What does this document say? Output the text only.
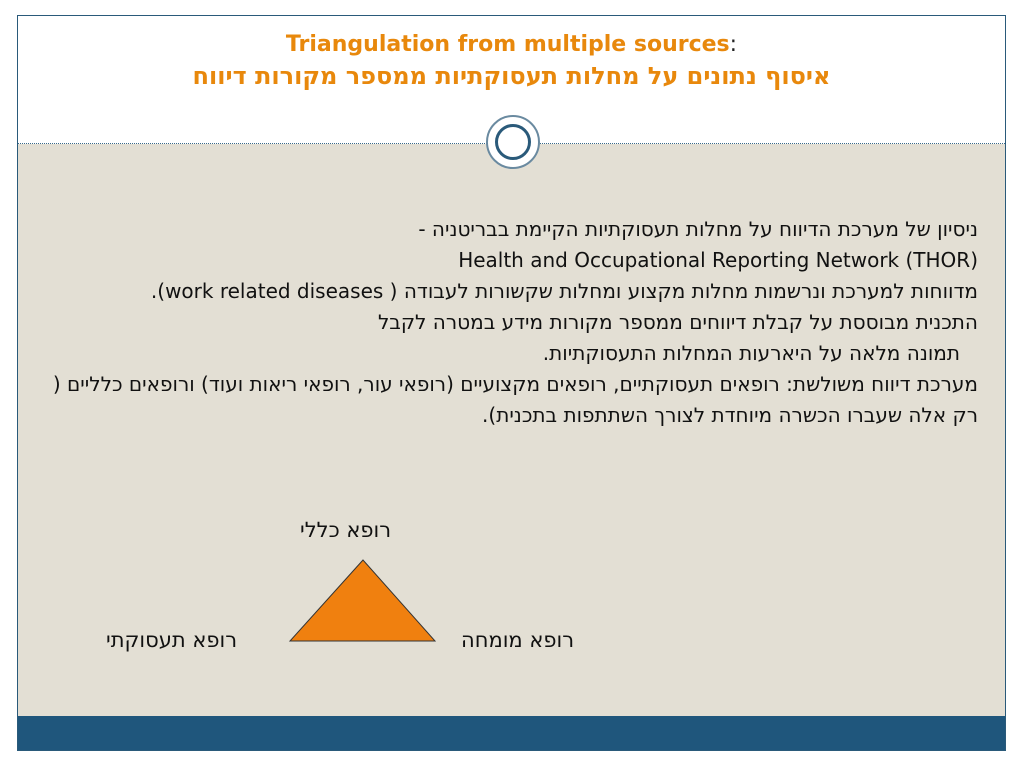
Triangulation from multiple sources:
איסוף נתונים על מחלות תעסוקתיות ממספר מקורות דיווח

ניסיון של מערכת הדיווח על מחלות תעסוקתיות הקיימת בבריטניה -

Health and Occupational Reporting Network (THOR)

מדווחות למערכת ונרשמות מחלות מקצוע ומחלות שקשורות לעבודה ( work related diseases).

התכנית מבוססת על קבלת דיווחים ממספר מקורות מידע במטרה לקבל

תמונה מלאה על היארעות המחלות התעסוקתיות.

מערכת דיווח משולשת: רופאים תעסוקתיים, רופאים מקצועיים (רופאי עור, רופאי ריאות ועוד) ורופאים כלליים ( רק אלה שעברו הכשרה מיוחדת לצורך השתתפות בתכנית).

רופא כללי
רופא תעסוקתי	רופא מומחה
